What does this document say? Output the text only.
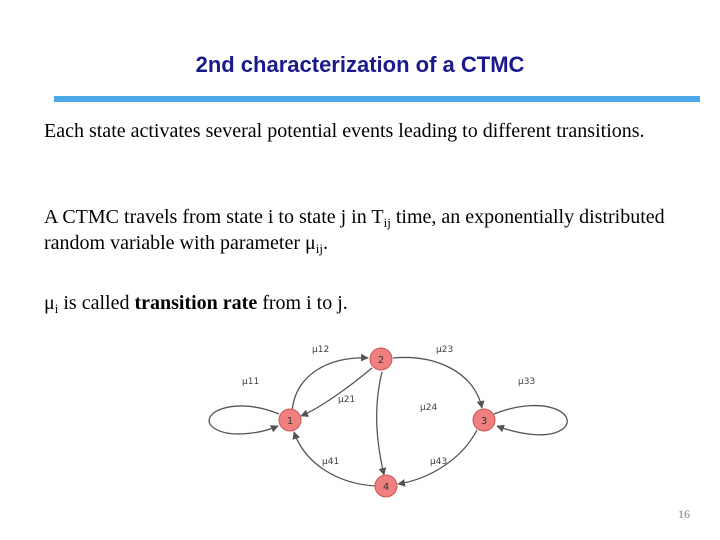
2nd characterization of a CTMC
Each state activates several potential events leading to different transitions.
A CTMC travels from state i to state j in $T_{ij}$ time, an exponentially distributed random variable with parameter $\mu_{ij}$.
$\mu_i$ is called transition rate from i to j.
1
2
3
4
μ12	μ23
μ11	μ33
μ21
μ24
μ41	μ43
16
